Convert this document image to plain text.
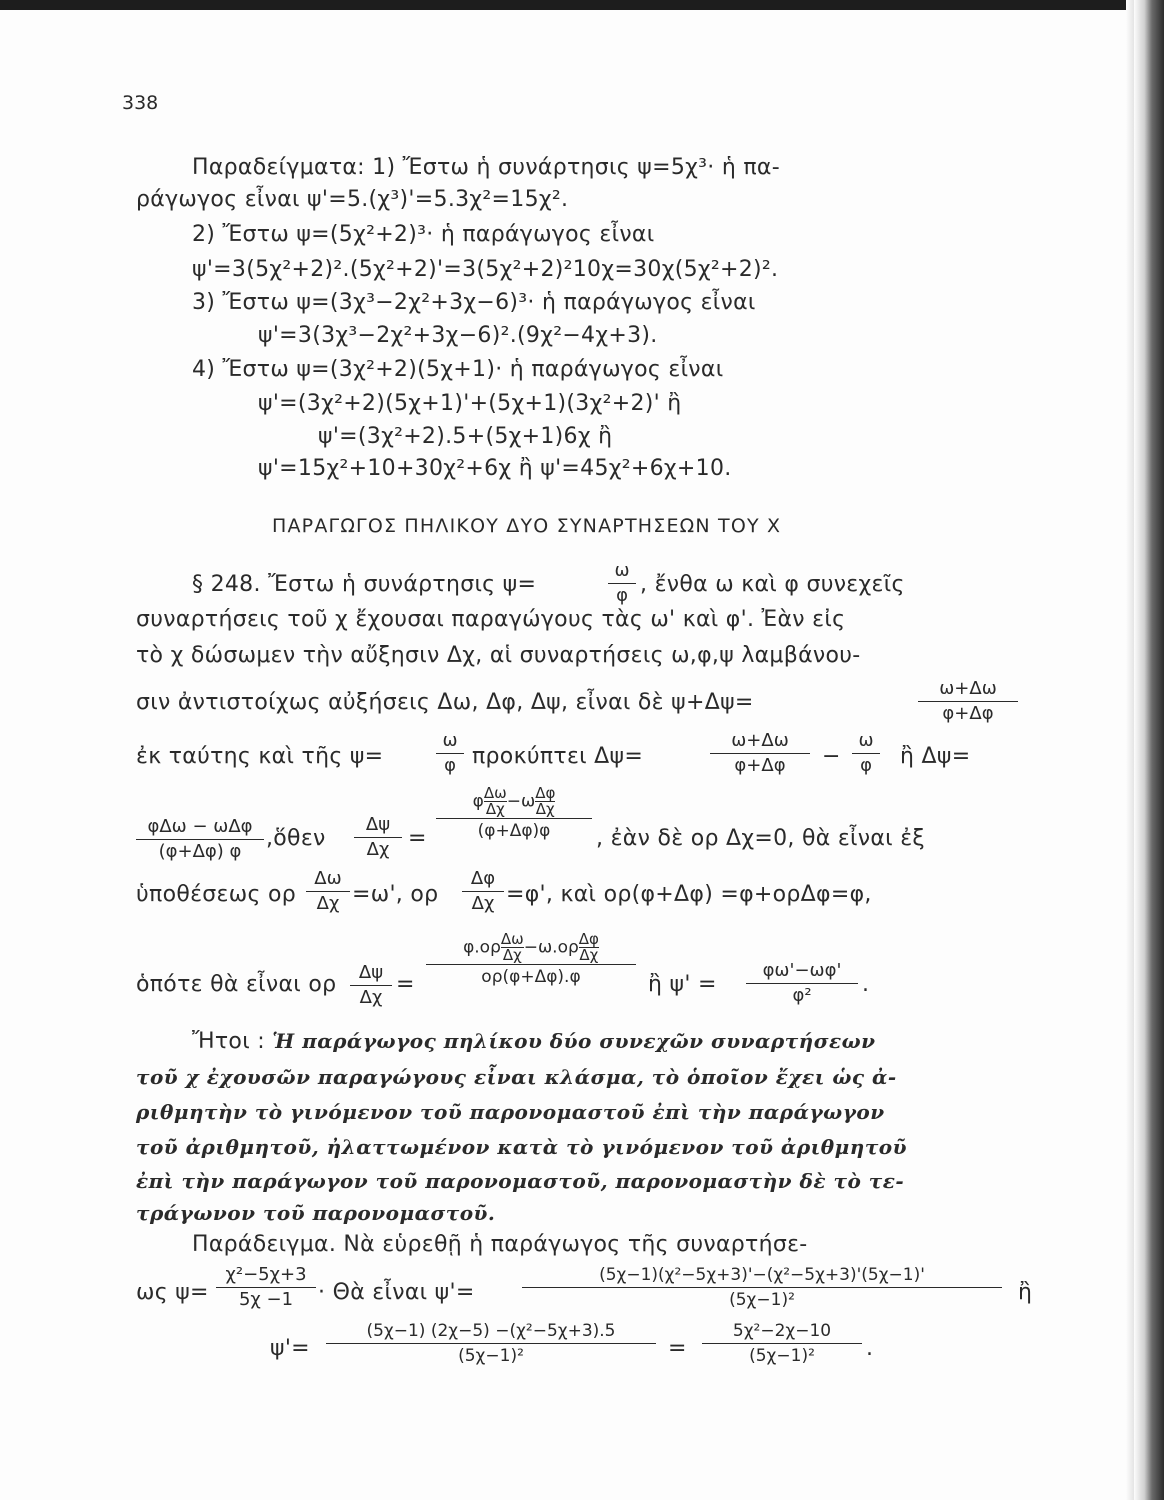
338
Παραδείγματα: 1) Ἔστω ἡ συνάρτησις ψ=5χ³· ἡ πα-
ράγωγος εἶναι ψ'=5.(χ³)'=5.3χ²=15χ².
2) Ἔστω ψ=(5χ²+2)³· ἡ παράγωγος εἶναι
ψ'=3(5χ²+2)².(5χ²+2)'=3(5χ²+2)²10χ=30χ(5χ²+2)².
3) Ἔστω ψ=(3χ³−2χ²+3χ−6)³· ἡ παράγωγος εἶναι
ψ'=3(3χ³−2χ²+3χ−6)².(9χ²−4χ+3).
4) Ἔστω ψ=(3χ²+2)(5χ+1)· ἡ παράγωγος εἶναι
ψ'=(3χ²+2)(5χ+1)'+(5χ+1)(3χ²+2)' ἢ
ψ'=(3χ²+2).5+(5χ+1)6χ ἢ
ψ'=15χ²+10+30χ²+6χ ἢ ψ'=45χ²+6χ+10.
ΠΑΡΑΓΩΓΟΣ ΠΗΛΙΚΟΥ ΔΥΟ ΣΥΝΑΡΤΗΣΕΩΝ ΤΟΥ Χ
§ 248. Ἔστω ἡ συνάρτησις ψ=
ω
φ , ἔνθα ω καὶ φ συνεχεῖς
συναρτήσεις τοῦ χ ἔχουσαι παραγώγους τὰς ω' καὶ φ'. Ἐὰν εἰς
τὸ χ δώσωμεν τὴν αὔξησιν Δχ, αἱ συναρτήσεις ω,φ,ψ λαμβάνου-
σιν ἀντιστοίχως αὐξήσεις Δω, Δφ, Δψ, εἶναι δὲ ψ+Δψ=
ω+Δω
φ+Δφ
ἐκ ταύτης καὶ τῆς ψ=
ω
φ προκύπτει Δψ=
ω+Δω
φ+Δφ	−
ω
φ	ἢ Δψ=
φΔω − ωΔφ
(φ+Δφ) φ
,ὅθεν
Δψ
Δχ =
φ $\frac{\Delta\omega}{\Delta\chi} -\omega \frac{\Delta\varphi}{\Delta\chi}$
(φ+Δφ)φ	, ἐὰν δὲ ορ Δχ=0, θὰ εἶναι ἐξ
ὑποθέσεως ορ
Δω
Δχ =ω', ορ
Δφ
Δχ =φ', καὶ ορ(φ+Δφ) =φ+ορΔφ=φ,
ὁπότε θὰ εἶναι ορ	Δψ
Δχ
=
$\varphi.o\rho \frac{\Delta\omega}{\Delta\chi} -\omega.o\rho \frac{\Delta\varphi}{\Delta\chi}$
ορ(φ+Δφ).φ	ἢ ψ' =
φω'−ωφ'
φ²	.
Ἤτοι : Ἡ παράγωγος πηλίκου δύο συνεχῶν συναρτήσεων
τοῦ χ ἐχουσῶν παραγώγους εἶναι κλάσμα, τὸ ὁποῖον ἔχει ὡς ἀ-
ριθμητὴν τὸ γινόμενον τοῦ παρονομαστοῦ ἐπὶ τὴν παράγωγον
τοῦ ἀριθμητοῦ, ἠλαττωμένον κατὰ τὸ γινόμενον τοῦ ἀριθμητοῦ
ἐπὶ τὴν παράγωγον τοῦ παρονομαστοῦ, παρονομαστὴν δὲ τὸ τε-
τράγωνον τοῦ παρονομαστοῦ.
Παράδειγμα. Νὰ εὑρεθῇ ἡ παράγωγος τῆς συναρτήσε-
ως ψ=
χ²−5χ+3
5χ −1	· Θὰ εἶναι ψ'=
(5χ−1)(χ²−5χ+3)'−(χ²−5χ+3)'(5χ−1)'
(5χ−1)²	ἢ
ψ'=
(5χ−1) (2χ−5) −(χ²−5χ+3).5
(5χ−1)²	=
5χ²−2χ−10
(5χ−1)²	.
